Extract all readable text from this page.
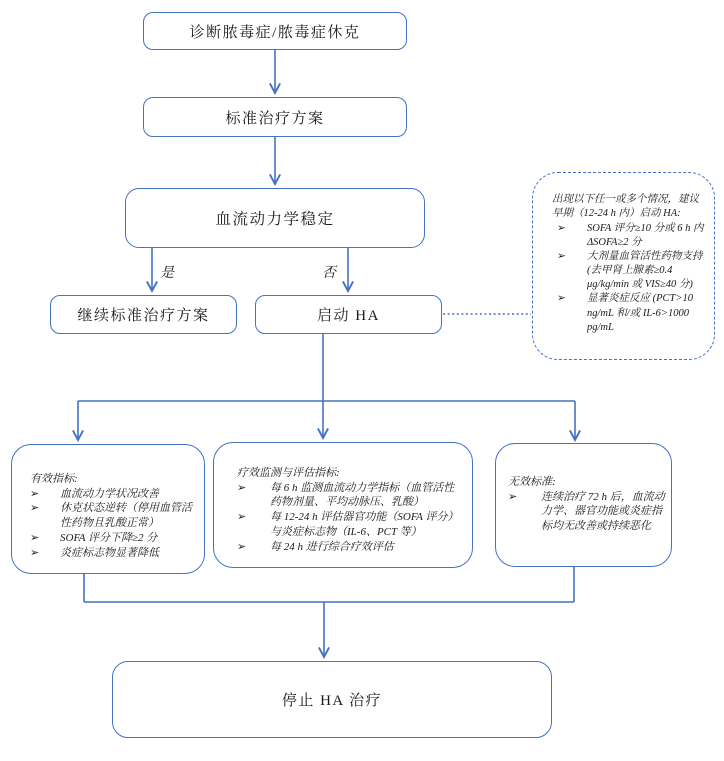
诊断脓毒症/脓毒症休克
标准治疗方案
血流动力学稳定
是	否
继续标准治疗方案	启动 HA
出现以下任一或多个情况，建议早期（12-24 h 内）启动 HA:
➢	SOFA 评分≥10 分或 6 h 内ΔSOFA≥2 分
➢	大剂量血管活性药物支持(去甲肾上腺素≥0.4 μg/kg/min 或 VIS≥40 分)
➢	显著炎症反应 (PCT>10 ng/mL 和/或 IL-6>1000 pg/mL
有效指标:
➢	血流动力学状况改善
➢	休克状态逆转（停用血管活性药物且乳酸正常）
➢	SOFA 评分下降≥2 分
➢	炎症标志物显著降低
疗效监测与评估指标:
➢	每 6 h 监测血流动力学指标（血管活性药物剂量、平均动脉压、乳酸）
➢	每 12-24 h 评估器官功能（SOFA 评分）与炎症标志物（IL-6、PCT 等）
➢	每 24 h 进行综合疗效评估
无效标准:
➢	连续治疗 72 h 后，血流动力学、器官功能或炎症指标均无改善或持续恶化
停止 HA 治疗
